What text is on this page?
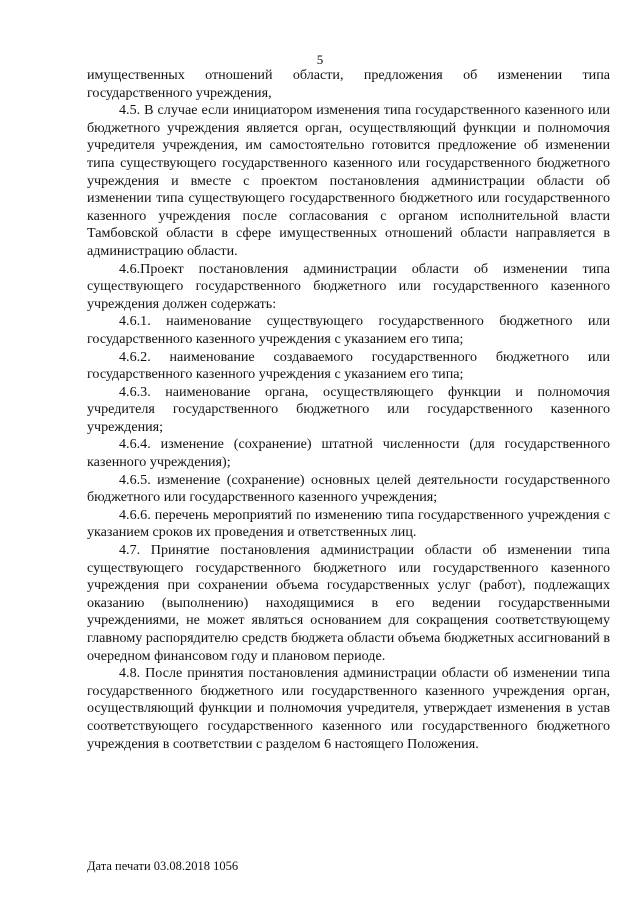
5

имущественных отношений области, предложения об изменении типа государственного учреждения,

4.5. В случае если инициатором изменения типа государственного казенного или бюджетного учреждения является орган, осуществляющий функции и полномочия учредителя учреждения, им самостоятельно готовится предложение об изменении типа существующего государственного казенного или государственного бюджетного учреждения и вместе с проектом постановления администрации области об изменении типа существующего государственного бюджетного или государственного казенного учреждения после согласования с органом исполнительной власти Тамбовской области в сфере имущественных отношений области направляется в администрацию области.

4.6.Проект постановления администрации области об изменении типа существующего государственного бюджетного или государственного казенного учреждения должен содержать:

4.6.1. наименование существующего государственного бюджетного или государственного казенного учреждения с указанием его типа;

4.6.2. наименование создаваемого государственного бюджетного или государственного казенного учреждения с указанием его типа;

4.6.3. наименование органа, осуществляющего функции и полномочия учредителя государственного бюджетного или государственного казенного учреждения;

4.6.4. изменение (сохранение) штатной численности (для государственного казенного учреждения);

4.6.5. изменение (сохранение) основных целей деятельности государственного бюджетного или государственного казенного учреждения;

4.6.6. перечень мероприятий по изменению типа государственного учреждения с указанием сроков их проведения и ответственных лиц.

4.7. Принятие постановления администрации области об изменении типа существующего государственного бюджетного или государственного казенного учреждения при сохранении объема государственных услуг (работ), подлежащих оказанию (выполнению) находящимися в его ведении государственными учреждениями, не может являться основанием для сокращения соответствующему главному распорядителю средств бюджета области объема бюджетных ассигнований в очередном финансовом году и плановом периоде.

4.8. После принятия постановления администрации области об изменении типа государственного бюджетного или государственного казенного учреждения орган, осуществляющий функции и полномочия учредителя, утверждает изменения в устав соответствующего государственного казенного или государственного бюджетного учреждения в соответствии с разделом 6 настоящего Положения.

Дата печати 03.08.2018 1056
